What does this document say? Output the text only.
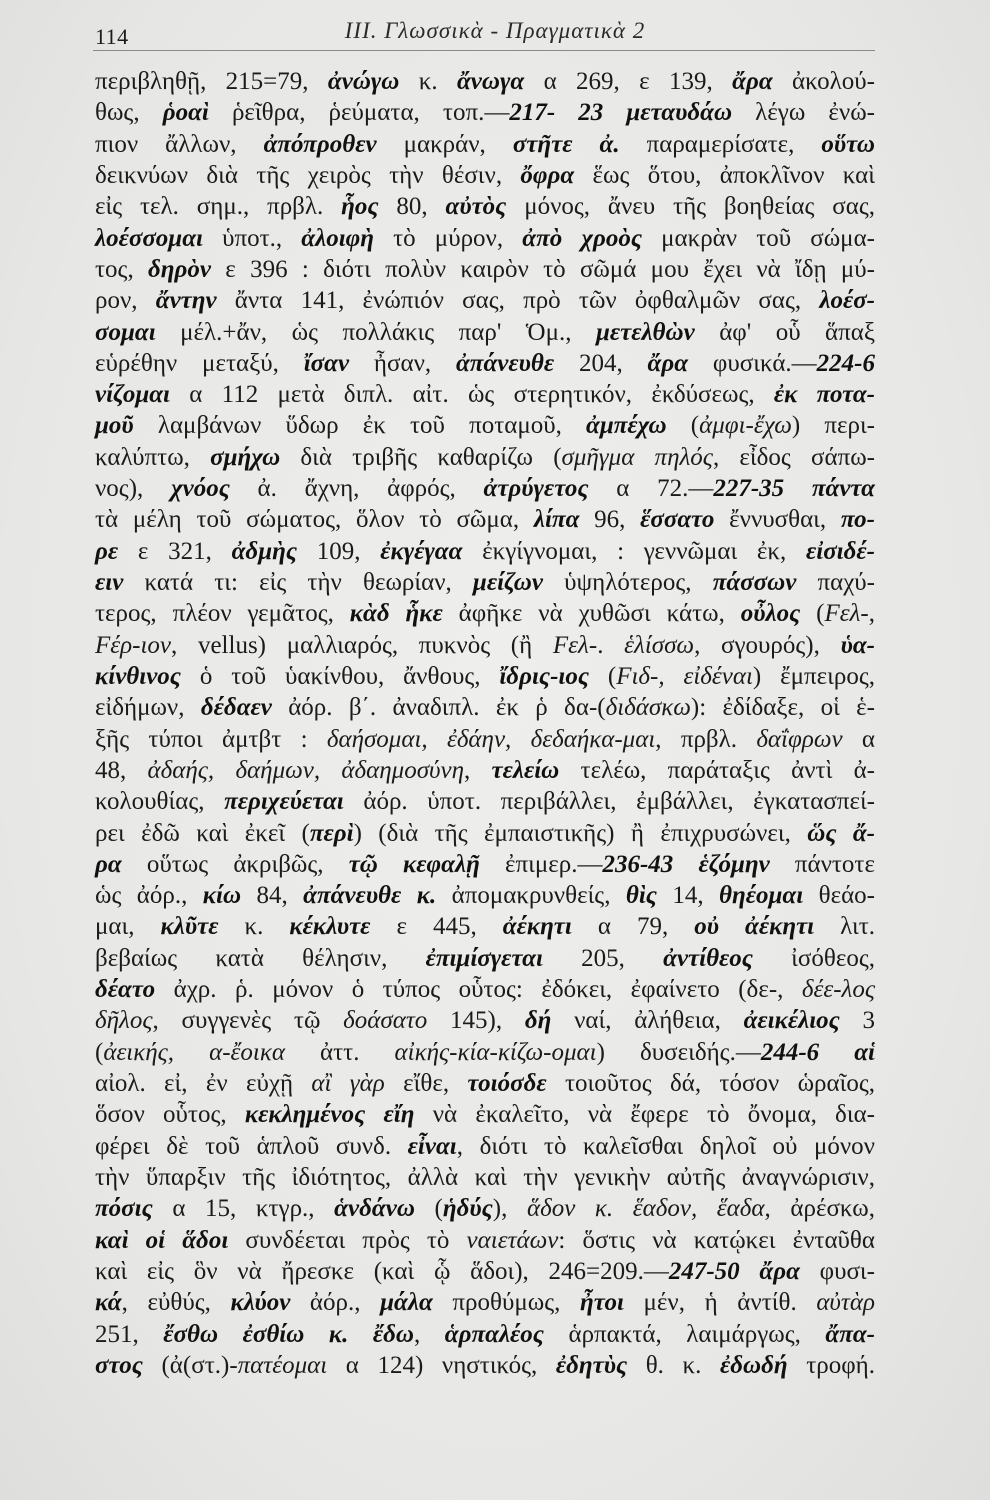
114	III. Γλωσσικὰ - Πραγματικὰ 2
περιβληθῇ, 215=79, ἀνώγω κ. ἄνωγα α 269, ε 139, ἄρα ἀκολού-
θως, ῥοαὶ ῥεῖθρα, ῥεύματα, τοπ.—217- 23 μεταυδάω λέγω ἐνώ-
πιον ἄλλων, ἀπόπροθεν μακράν, στῆτε ἀ. παραμερίσατε, οὕτω
δεικνύων διὰ τῆς χειρὸς τὴν θέσιν, ὄφρα ἕως ὅτου, ἀποκλῖνον καὶ
εἰς τελ. σημ., πρβλ. ἧος 80, αὐτὸς μόνος, ἄνευ τῆς βοηθείας σας,
λοέσσομαι ὑποτ., ἀλοιφὴ τὸ μύρον, ἀπὸ χροὸς μακρὰν τοῦ σώμα-
τος, δηρὸν ε 396 : διότι πολὺν καιρὸν τὸ σῶμά μου ἔχει νὰ ἴδῃ μύ-
ρον, ἄντην ἄντα 141, ἐνώπιόν σας, πρὸ τῶν ὀφθαλμῶν σας, λοέσ-
σομαι μέλ.+ἄν, ὡς πολλάκις παρ' Ὁμ., μετελθὼν ἀφ' οὗ ἅπαξ
εὑρέθην μεταξύ, ἴσαν ἦσαν, ἀπάνευθε 204, ἄρα φυσικά.—224-6
νίζομαι α 112 μετὰ διπλ. αἰτ. ὡς στερητικόν, ἐκδύσεως, ἐκ ποτα-
μοῦ λαμβάνων ὕδωρ ἐκ τοῦ ποταμοῦ, ἀμπέχω (ἀμφι-ἔχω) περι-
καλύπτω, σμήχω διὰ τριβῆς καθαρίζω (σμῆγμα πηλός, εἶδος σάπω-
νος), χνόος ἀ. ἄχνη, ἀφρός, ἀτρύγετος α 72.—227-35 πάντα
τὰ μέλη τοῦ σώματος, ὅλον τὸ σῶμα, λίπα 96, ἕσσατο ἔννυσθαι, πο-
ρε ε 321, ἀδμὴς 109, ἐκγέγαα ἐκγίγνομαι, : γεννῶμαι ἐκ, εἰσιδέ-
ειν κατά τι: εἰς τὴν θεωρίαν, μείζων ὑψηλότερος, πάσσων παχύ-
τερος, πλέον γεμᾶτος, κὰδ ἧκε ἀφῆκε νὰ χυθῶσι κάτω, οὖλος (Fελ-,
Fέρ-ιον, vellus) μαλλιαρός, πυκνὸς (ἢ Fελ-. ἑλίσσω, σγουρός), ὑα-
κίνθινος ὁ τοῦ ὑακίνθου, ἄνθους, ἴδρις-ιος (Fιδ-, εἰδέναι) ἔμπειρος,
εἰδήμων, δέδαεν ἀόρ. β΄. ἀναδιπλ. ἐκ ῥ δα-(διδάσκω): ἐδίδαξε, οἱ ἑ-
ξῆς τύποι ἀμτβτ : δαήσομαι, ἐδάην, δεδαήκα-μαι, πρβλ. δαΐφρων α
48, ἀδαής, δαήμων, ἀδαημοσύνη, τελείω τελέω, παράταξις ἀντὶ ἀ-
κολουθίας, περιχεύεται ἀόρ. ὑποτ. περιβάλλει, ἐμβάλλει, ἐγκατασπεί-
ρει ἐδῶ καὶ ἐκεῖ (περὶ) (διὰ τῆς ἐμπαιστικῆς) ἢ ἐπιχρυσώνει, ὥς ἄ-
ρα οὕτως ἀκριβῶς, τῷ κεφαλῇ ἐπιμερ.—236-43 ἑζόμην πάντοτε
ὡς ἀόρ., κίω 84, ἀπάνευθε κ. ἀπομακρυνθείς, θὶς 14, θηέομαι θεάο-
μαι, κλῦτε κ. κέκλυτε ε 445, ἀέκητι α 79, οὐ ἀέκητι λιτ.
βεβαίως κατὰ θέλησιν, ἐπιμίσγεται 205, ἀντίθεος ἰσόθεος,
δέατο ἀχρ. ῥ. μόνον ὁ τύπος οὗτος: ἐδόκει, ἐφαίνετο (δε-, δέε-λος
δῆλος, συγγενὲς τῷ δοάσατο 145), δή ναί, ἀλήθεια, ἀεικέλιος 3
(ἀεικής, α-ἔοικα ἀττ. αἰκής-κία-κίζω-ομαι) δυσειδής.—244-6 αἱ
αἰολ. εἰ, ἐν εὐχῇ αἲ γὰρ εἴθε, τοιόσδε τοιοῦτος δά, τόσον ὡραῖος,
ὅσον οὗτος, κεκλημένος εἴη νὰ ἐκαλεῖτο, νὰ ἔφερε τὸ ὄνομα, δια-
φέρει δὲ τοῦ ἁπλοῦ συνδ. εἶναι, διότι τὸ καλεῖσθαι δηλοῖ οὐ μόνον
τὴν ὕπαρξιν τῆς ἰδιότητος, ἀλλὰ καὶ τὴν γενικὴν αὐτῆς ἀναγνώρισιν,
πόσις α 15, κτγρ., ἁνδάνω (ἡδύς), ἅδον κ. ἕαδον, ἕαδα, ἀρέσκω,
καὶ οἱ ἅδοι συνδέεται πρὸς τὸ ναιετάων: ὅστις νὰ κατῴκει ἐνταῦθα
καὶ εἰς ὃν νὰ ἤρεσκε (καὶ ᾧ ἅδοι), 246=209.—247-50 ἄρα φυσι-
κά, εὐθύς, κλύον ἀόρ., μάλα προθύμως, ἦτοι μέν, ἡ ἀντίθ. αὐτὰρ
251, ἔσθω ἐσθίω κ. ἔδω, ἁρπαλέος ἁρπακτά, λαιμάργως, ἄπα-
στος (ἀ(στ.)-πατέομαι α 124) νηστικός, ἐδητὺς θ. κ. ἐδωδή τροφή.
